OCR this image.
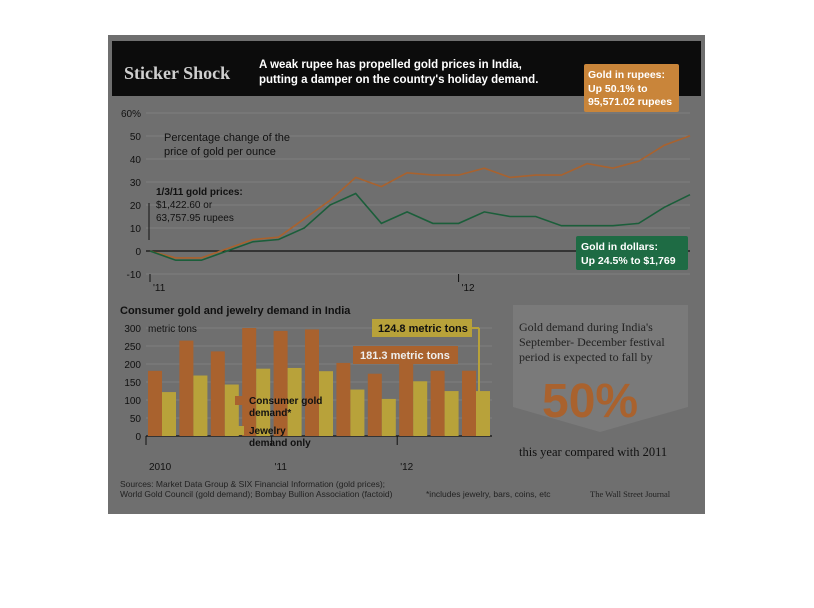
Sticker Shock	A weak rupee has propelled gold prices in India, putting a damper on the country's holiday demand.
60%
50
40
30
20
10
0
-10
'11	'12
Percentage change of the price of gold per ounce
1/3/11 gold prices:
$1,422.60 or 63,757.95 rupees
Gold in rupees:
Up 50.1% to 95,571.02 rupees
Gold in dollars:
Up 24.5% to $1,769
Consumer gold and jewelry demand in India
300
250
200
150
100
50
0
metric tons
2010	'11	'12
124.8 metric tons
181.3 metric tons
Consumer gold demand*
Jewelry demand only
Gold demand during India's September- December festival period is expected to fall by
50%
this year compared with 2011
Sources: Market Data Group & SIX Financial Information (gold prices); World Gold Council (gold demand); Bombay Bullion Association (factoid)	*includes jewelry, bars, coins, etc	The Wall Street Journal
